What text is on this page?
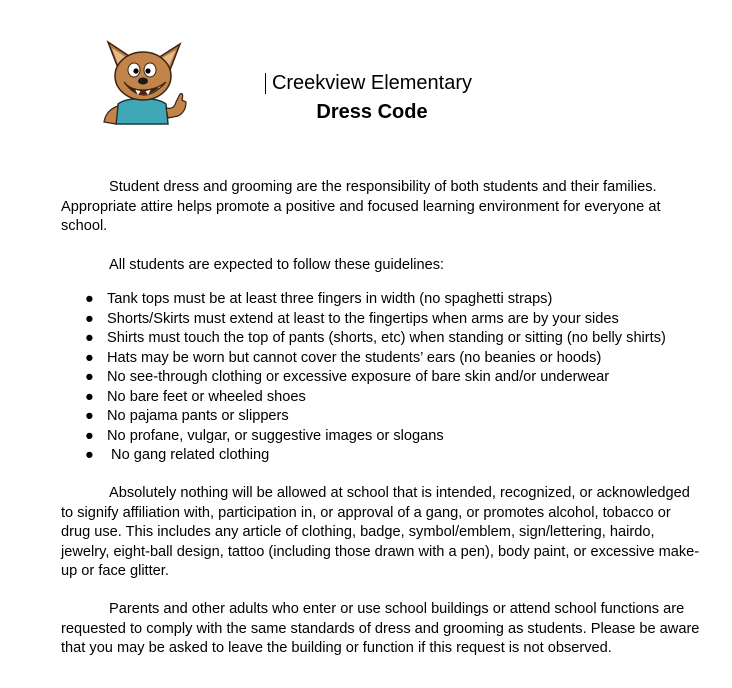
Creekview Elementary
Dress Code

Student dress and grooming are the responsibility of both students and their families. Appropriate attire helps promote a positive and focused learning environment for everyone at school.

All students are expected to follow these guidelines:

● Tank tops must be at least three fingers in width (no spaghetti straps)
● Shorts/Skirts must extend at least to the fingertips when arms are by your sides
● Shirts must touch the top of pants (shorts, etc) when standing or sitting (no belly shirts)
● Hats may be worn but cannot cover the students’ ears (no beanies or hoods)
● No see-through clothing or excessive exposure of bare skin and/or underwear
● No bare feet or wheeled shoes
● No pajama pants or slippers
● No profane, vulgar, or suggestive images or slogans
● No gang related clothing

Absolutely nothing will be allowed at school that is intended, recognized, or acknowledged to signify affiliation with, participation in, or approval of a gang, or promotes alcohol, tobacco or drug use. This includes any article of clothing, badge, symbol/emblem, sign/lettering, hairdo, jewelry, eight-ball design, tattoo (including those drawn with a pen), body paint, or excessive make-up or face glitter.

Parents and other adults who enter or use school buildings or attend school functions are requested to comply with the same standards of dress and grooming as students. Please be aware that you may be asked to leave the building or function if this request is not observed.
